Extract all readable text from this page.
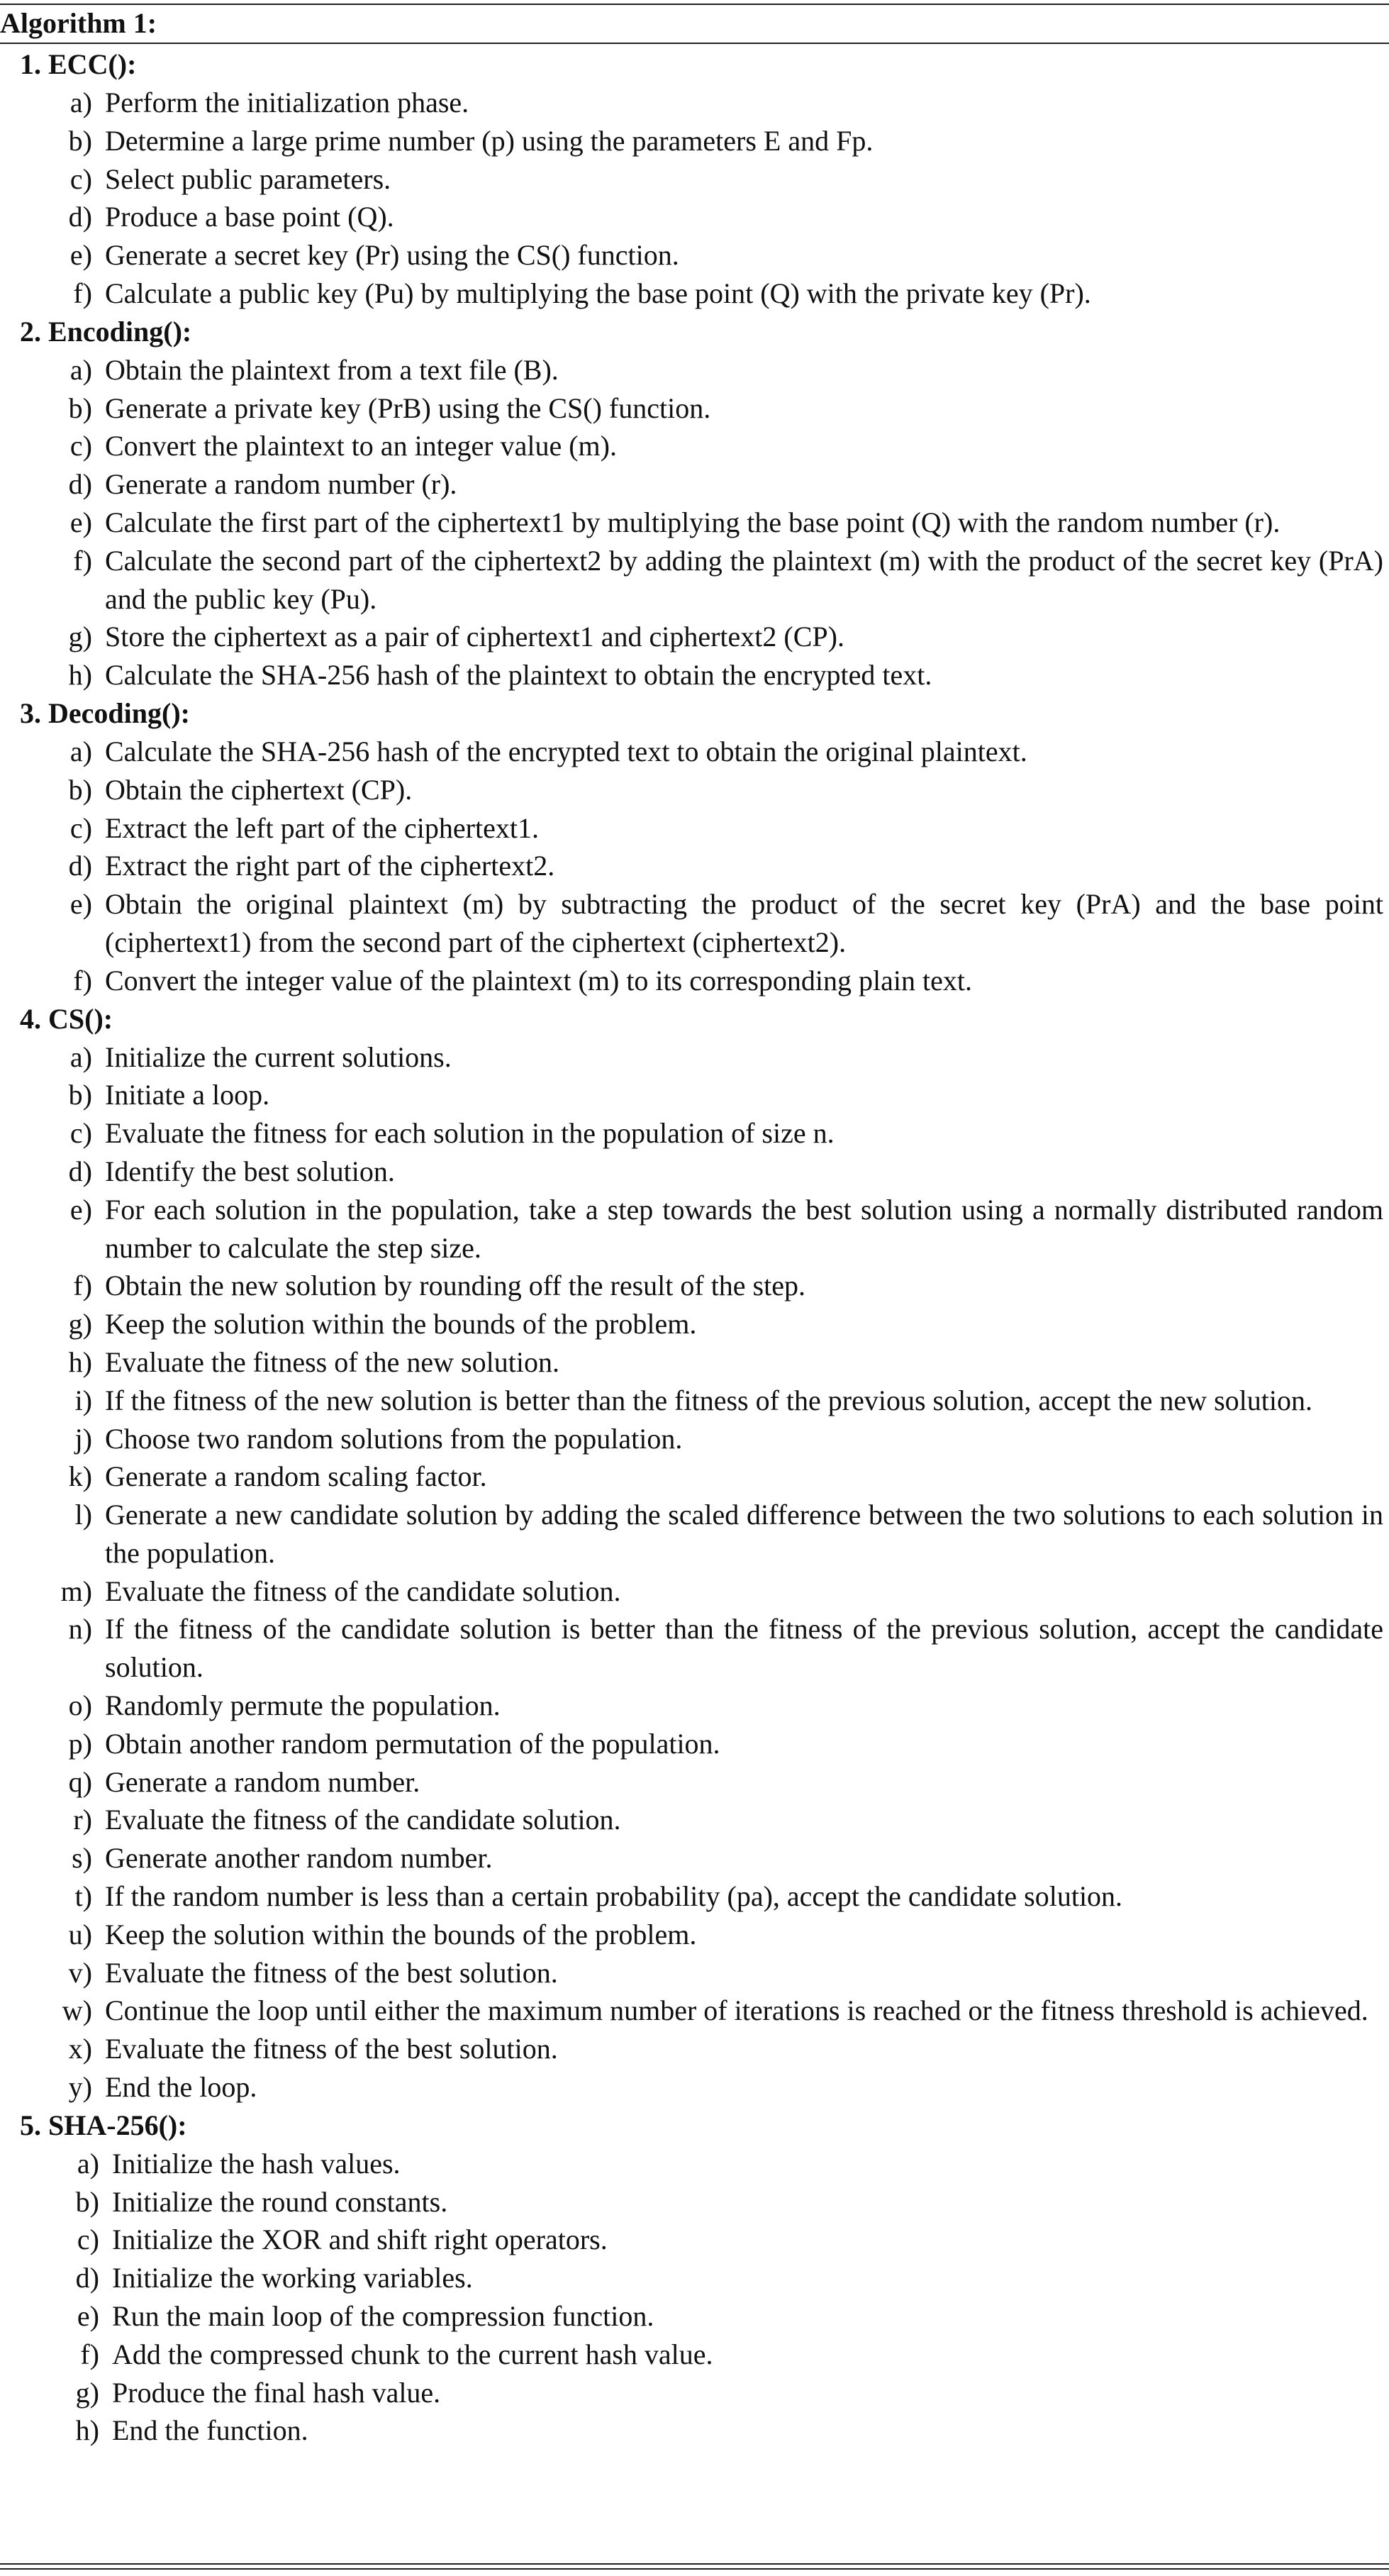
Algorithm 1:
1. ECC():
a) Perform the initialization phase.
b) Determine a large prime number (p) using the parameters E and Fp.
c) Select public parameters.
d) Produce a base point (Q).
e) Generate a secret key (Pr) using the CS() function.
f) Calculate a public key (Pu) by multiplying the base point (Q) with the private key (Pr).
2. Encoding():
a) Obtain the plaintext from a text file (B).
b) Generate a private key (PrB) using the CS() function.
c) Convert the plaintext to an integer value (m).
d) Generate a random number (r).
e) Calculate the first part of the ciphertext1 by multiplying the base point (Q) with the random number (r).
f) Calculate the second part of the ciphertext2 by adding the plaintext (m) with the product of the secret key (PrA) and the public key (Pu).
g) Store the ciphertext as a pair of ciphertext1 and ciphertext2 (CP).
h) Calculate the SHA-256 hash of the plaintext to obtain the encrypted text.
3. Decoding():
a) Calculate the SHA-256 hash of the encrypted text to obtain the original plaintext.
b) Obtain the ciphertext (CP).
c) Extract the left part of the ciphertext1.
d) Extract the right part of the ciphertext2.
e) Obtain the original plaintext (m) by subtracting the product of the secret key (PrA) and the base point (ciphertext1) from the second part of the ciphertext (ciphertext2).
f) Convert the integer value of the plaintext (m) to its corresponding plain text.
4. CS():
a) Initialize the current solutions.
b) Initiate a loop.
c) Evaluate the fitness for each solution in the population of size n.
d) Identify the best solution.
e) For each solution in the population, take a step towards the best solution using a normally distributed random number to calculate the step size.
f) Obtain the new solution by rounding off the result of the step.
g) Keep the solution within the bounds of the problem.
h) Evaluate the fitness of the new solution.
i) If the fitness of the new solution is better than the fitness of the previous solution, accept the new solution.
j) Choose two random solutions from the population.
k) Generate a random scaling factor.
l) Generate a new candidate solution by adding the scaled difference between the two solutions to each solution in the population.
m) Evaluate the fitness of the candidate solution.
n) If the fitness of the candidate solution is better than the fitness of the previous solution, accept the candidate solution.
o) Randomly permute the population.
p) Obtain another random permutation of the population.
q) Generate a random number.
r) Evaluate the fitness of the candidate solution.
s) Generate another random number.
t) If the random number is less than a certain probability (pa), accept the candidate solution.
u) Keep the solution within the bounds of the problem.
v) Evaluate the fitness of the best solution.
w) Continue the loop until either the maximum number of iterations is reached or the fitness threshold is achieved.
x) Evaluate the fitness of the best solution.
y) End the loop.
5. SHA-256():
a) Initialize the hash values.
b) Initialize the round constants.
c) Initialize the XOR and shift right operators.
d) Initialize the working variables.
e) Run the main loop of the compression function.
f) Add the compressed chunk to the current hash value.
g) Produce the final hash value.
h) End the function.
